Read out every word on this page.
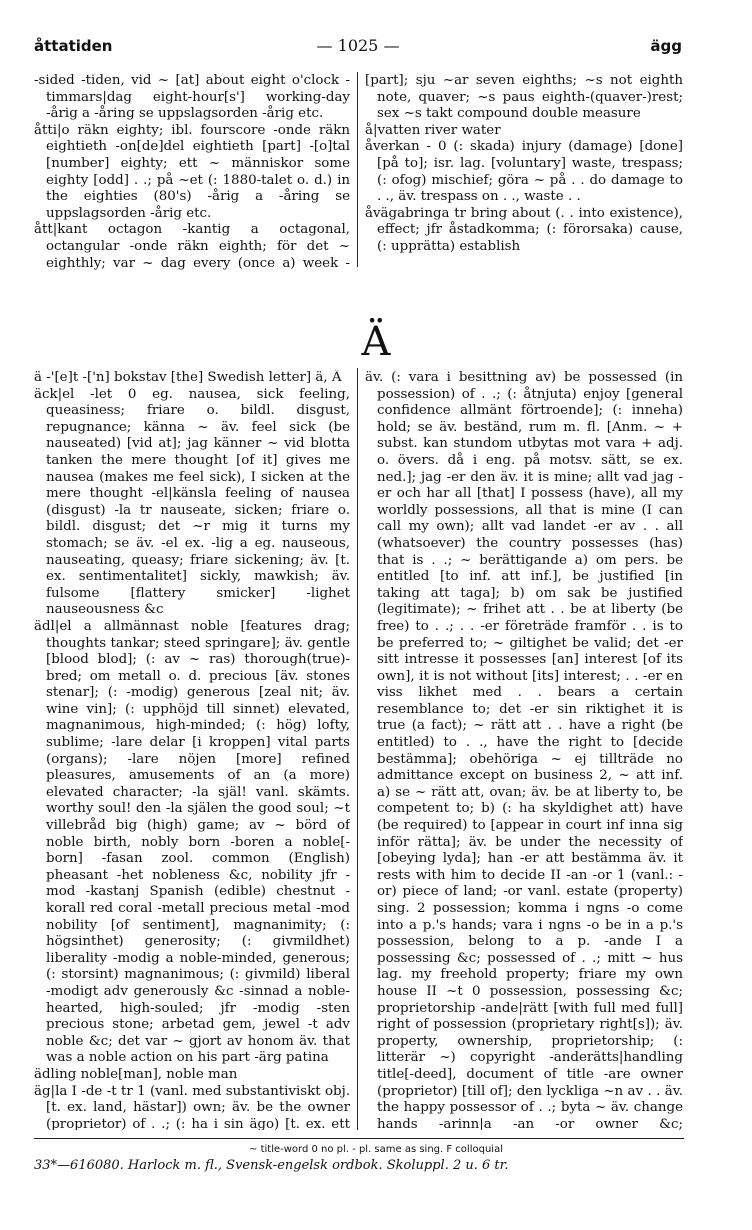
åttatiden	— 1025 —	ägg

-sided -tiden, vid ~ [at] about eight o'clock -timmars|dag eight-hour[s'] working-day -årig a -åring se uppslagsorden -årig etc.

åtti|o räkn eighty; ibl. fourscore -onde räkn eightieth -on[de]del eightieth [part] -[o]tal [number] eighty; ett ~ människor some eighty [odd] . .; på ~et (: 1880-talet o. d.) in the eighties (80's) -årig a -åring se uppslagsorden -årig etc.

ått|kant octagon -kantig a octagonal, octangular -onde räkn eighth; för det ~ eighthly; var ~ dag every (once a) week -

[part]; sju ~ar seven eighths; ~s not eighth note, quaver; ~s paus eighth-(quaver-)rest; sex ~s takt compound double measure

å|vatten river water

åverkan - 0 (: skada) injury (damage) [done] [på to]; isr. lag. [voluntary] waste, trespass; (: ofog) mischief; göra ~ på . . do damage to . ., äv. trespass on . ., waste . .

åvägabringa tr bring about (. . into existence), effect; jfr åstadkomma; (: förorsaka) cause, (: upprätta) establish

Ä

ä -'[e]t -['n] bokstav [the] Swedish letter] ä, Ä

äck|el -let 0 eg. nausea, sick feeling, queasiness; friare o. bildl. disgust, repugnance; känna ~ äv. feel sick (be nauseated) [vid at]; jag känner ~ vid blotta tanken the mere thought [of it] gives me nausea (makes me feel sick), I sicken at the mere thought -el|känsla feeling of nausea (disgust) -la tr nauseate, sicken; friare o. bildl. disgust; det ~r mig it turns my stomach; se äv. -el ex. -lig a eg. nauseous, nauseating, queasy; friare sickening; äv. [t. ex. sentimentalitet] sickly, mawkish; äv. fulsome [flattery smicker] -lighet nauseousness &c

ädl|el a allmännast noble [features drag; thoughts tankar; steed springare]; äv. gentle [blood blod]; (: av ~ ras) thorough(true)-bred; om metall o. d. precious [äv. stones stenar]; (: -modig) generous [zeal nit; äv. wine vin]; (: upphöjd till sinnet) elevated, magnanimous, high-minded; (: hög) lofty, sublime; -lare delar [i kroppen] vital parts (organs); -lare nöjen [more] refined pleasures, amusements of an (a more) elevated character; -la själ! vanl. skämts. worthy soul! den -la själen the good soul; ~t villebråd big (high) game; av ~ börd of noble birth, nobly born -boren a noble[-born] -fasan zool. common (English) pheasant -het nobleness &c, nobility jfr -mod -kastanj Spanish (edible) chestnut -korall red coral -metall precious metal -mod nobility [of sentiment], magnanimity; (: högsinthet) generosity; (: givmildhet) liberality -modig a noble-minded, generous; (: storsint) magnanimous; (: givmild) liberal -modigt adv generously &c -sinnad a noble-hearted, high-souled; jfr -modig -sten precious stone; arbetad gem, jewel -t adv noble &c; det var ~ gjort av honom äv. that was a noble action on his part -ärg patina

ädling noble[man], noble man

äg|la I -de -t tr 1 (vanl. med substantiviskt obj. [t. ex. land, hästar]) own; äv. be the owner (proprietor) of . .; (: ha i sin ägo) [t. ex. ett

äv. (: vara i besittning av) be possessed (in possession) of . .; (: åtnjuta) enjoy [general confidence allmänt förtroende]; (: inneha) hold; se äv. beständ, rum m. fl. [Anm. ~ + subst. kan stundom utbytas mot vara + adj. o. övers. då i eng. på motsv. sätt, se ex. ned.]; jag -er den äv. it is mine; allt vad jag -er och har all [that] I possess (have), all my worldly possessions, all that is mine (I can call my own); allt vad landet -er av . . all (whatsoever) the country possesses (has) that is . .; ~ berättigande a) om pers. be entitled [to inf. att inf.], be justified [in taking att taga]; b) om sak be justified (legitimate); ~ frihet att . . be at liberty (be free) to . .; . . -er företräde framför . . is to be preferred to; ~ giltighet be valid; det -er sitt intresse it possesses [an] interest [of its own], it is not without [its] interest; . . -er en viss likhet med . . bears a certain resemblance to; det -er sin riktighet it is true (a fact); ~ rätt att . . have a right (be entitled) to . ., have the right to [decide bestämma]; obehöriga ~ ej tillträde no admittance except on business 2, ~ att inf. a) se ~ rätt att, ovan; äv. be at liberty to, be competent to; b) (: ha skyldighet att) have (be required) to [appear in court inf inna sig inför rätta]; äv. be under the necessity of [obeying lyda]; han -er att bestämma äv. it rests with him to decide II -an -or 1 (vanl.: -or) piece of land; -or vanl. estate (property) sing. 2 possession; komma i ngns -o come into a p.'s hands; vara i ngns -o be in a p.'s possession, belong to a p. -ande I a possessing &c; possessed of . .; mitt ~ hus lag. my freehold property; friare my own house II ~t 0 possession, possessing &c; proprietorship -ande|rätt [with full med full] right of possession (proprietary right[s]); äv. property, ownership, proprietorship; (: litterär ~) copyright -anderätts|handling title[-deed], document of title -are owner (proprietor) [till of]; den lyckliga ~n av . . äv. the happy possessor of . .; byta ~ äv. change hands -arinn|a -an -or owner &c;

~ title-word 0 no pl. - pl. same as sing. F colloquial
33*—616080. Harlock m. fl., Svensk-engelsk ordbok. Skoluppl. 2 u. 6 tr.
